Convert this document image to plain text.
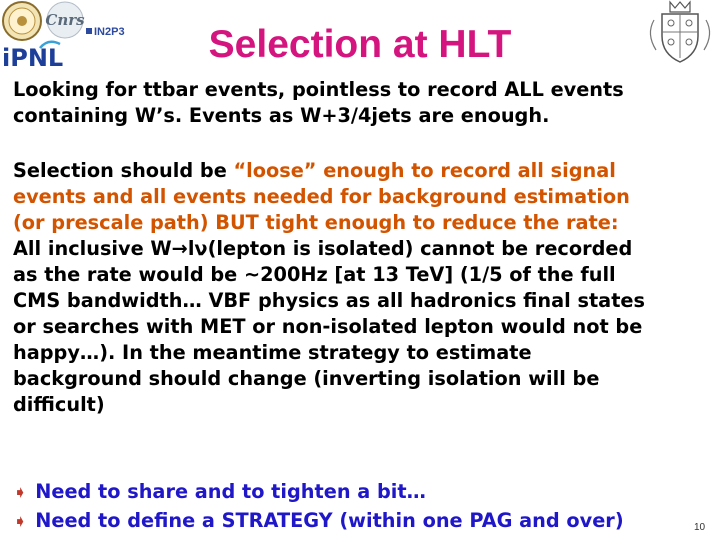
Cnrs
IN2P3
iPNL	Selection at HLT

Looking for ttbar events, pointless to record ALL events containing W’s. Events as W+3/4jets are enough.

Selection should be “loose” enough to record all signal
events and all events needed for background estimation
(or prescale path) BUT tight enough to reduce the rate:
All inclusive W→lν(lepton is isolated) cannot be recorded
as the rate would be ~200Hz [at 13 TeV] (1/5 of the full
CMS bandwidth… VBF physics as all hadronics final states
or searches with MET or non-isolated lepton would not be
happy…). In the meantime strategy to estimate
background should change (inverting isolation will be
difficult)
➧ Need to share and to tighten a bit…
➧ Need to define a STRATEGY (within one PAG and over)	10
